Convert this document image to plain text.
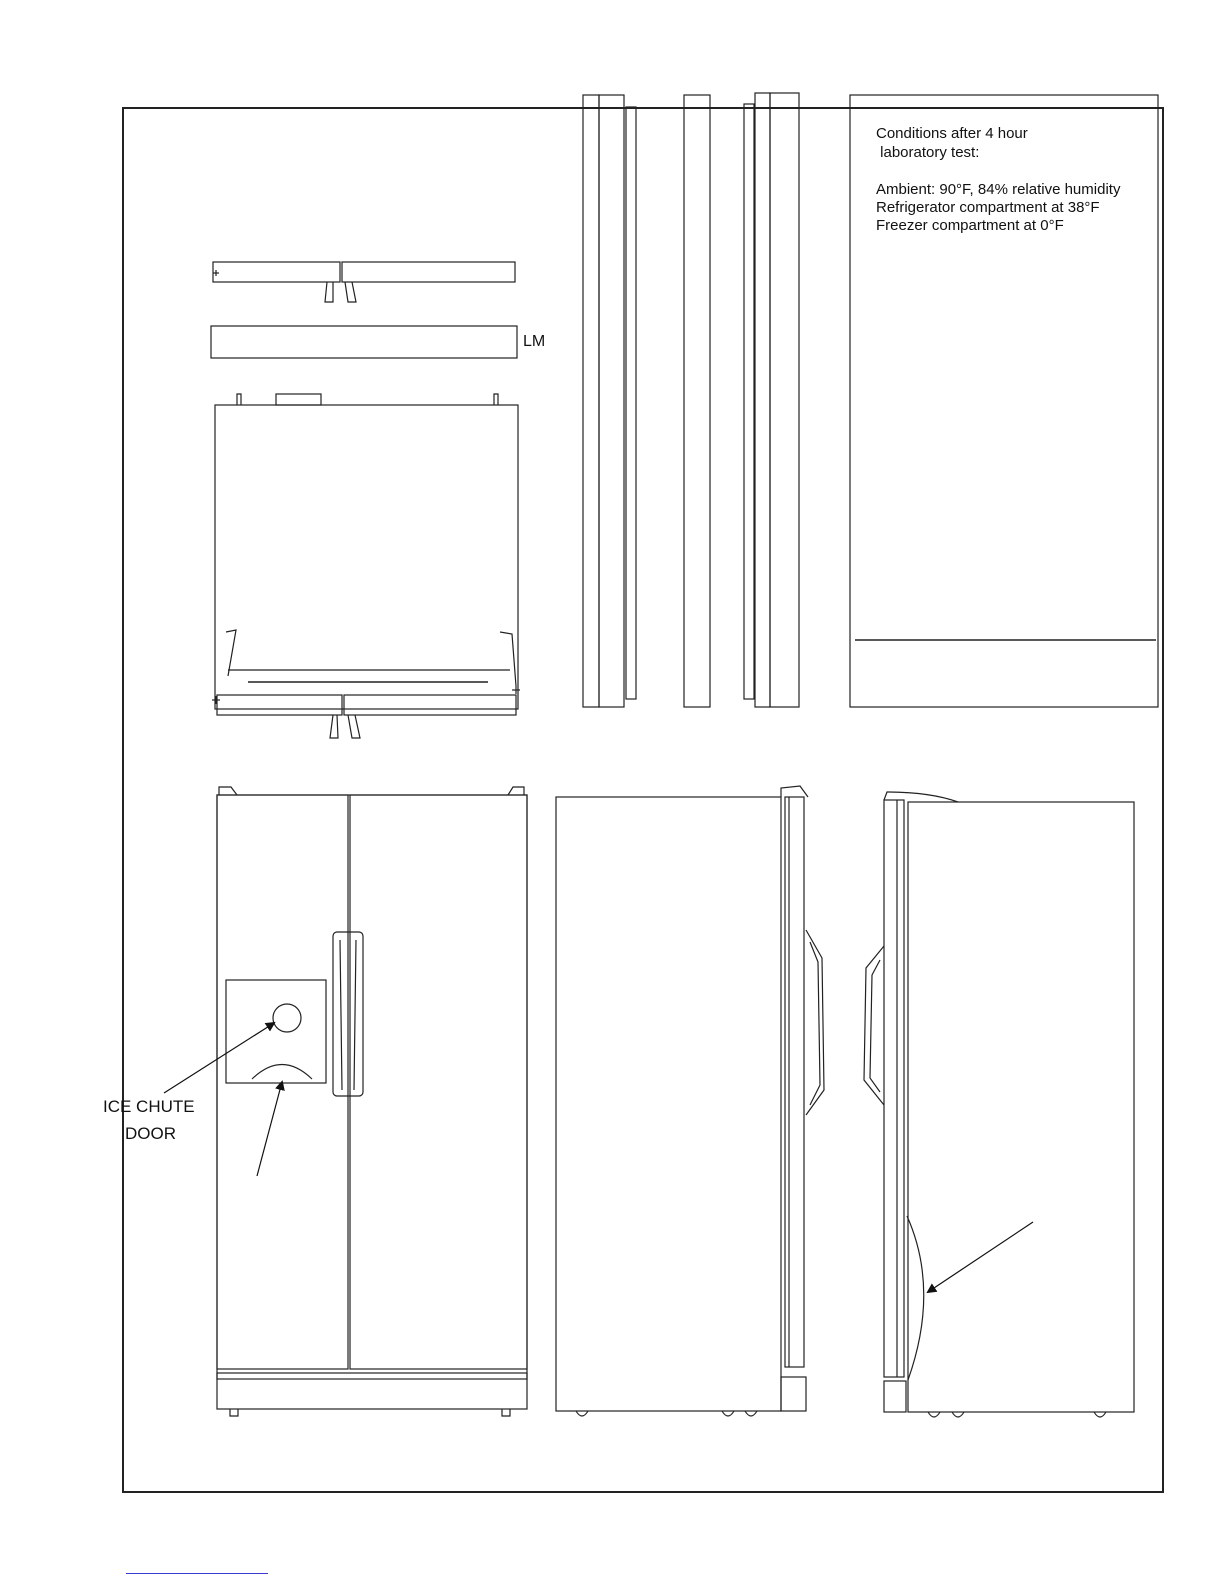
Conditions after 4 hour
laboratory test:
Ambient: 90°F, 84% relative humidity
Refrigerator compartment at 38°F
Freezer compartment at 0°F
LM
ICE CHUTE
DOOR
